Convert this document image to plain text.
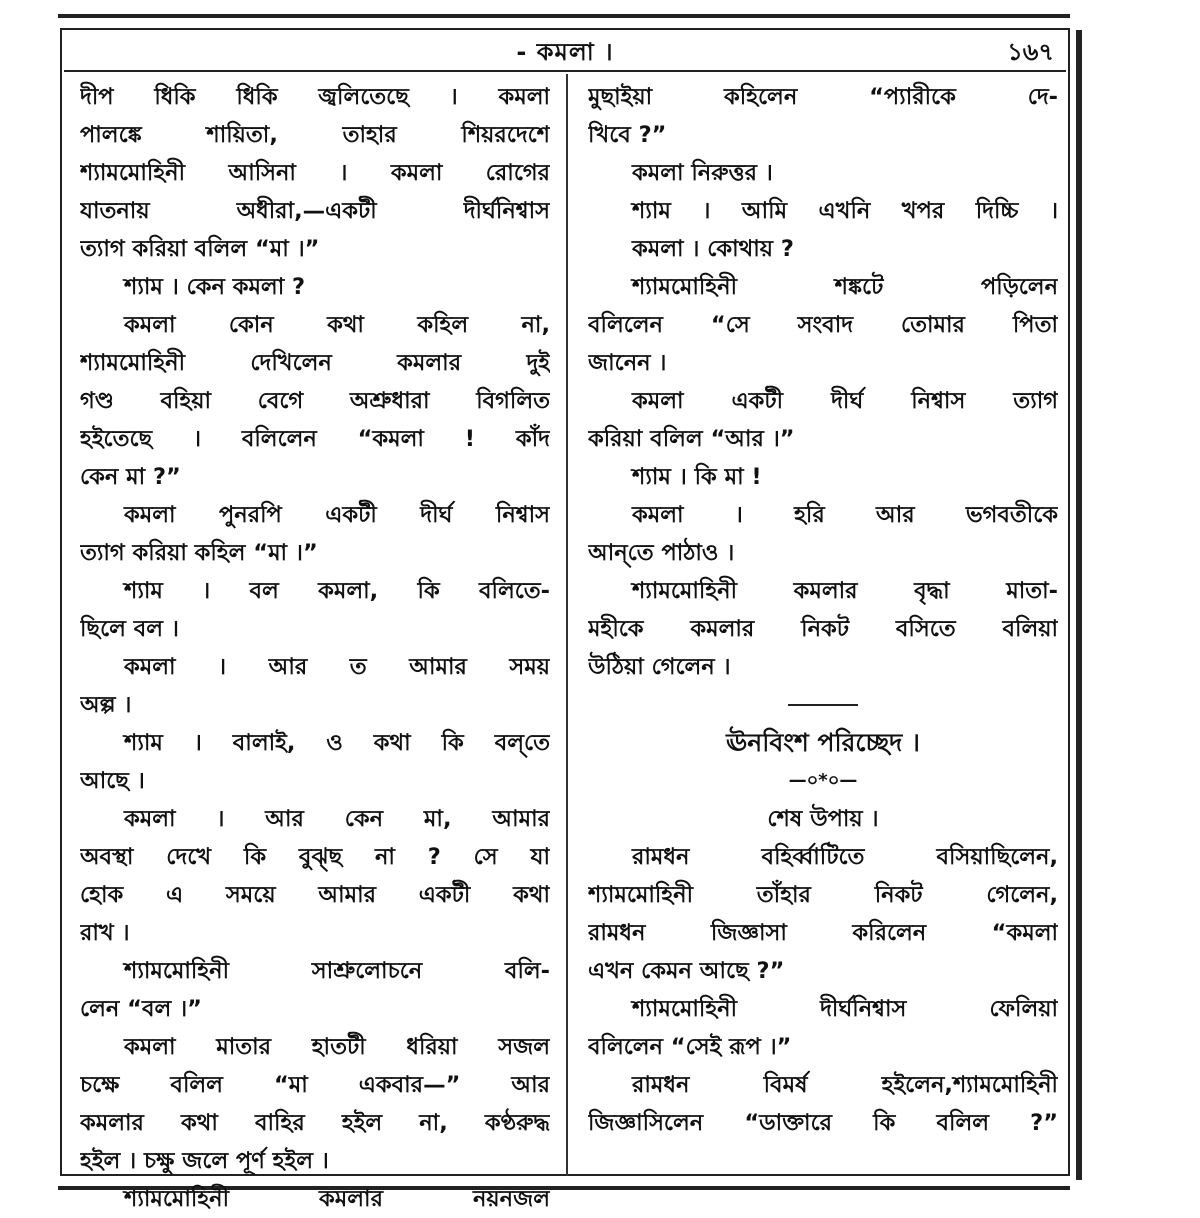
- কমলা ।	১৬৭
দীপ ধিকি ধিকি জ্বলিতেছে । কমলা
পালঙ্কে শায়িতা, তাহার শিয়রদেশে
শ্যামমোহিনী আসিনা । কমলা রোগের
যাতনায় অধীরা,—একটী দীর্ঘনিশ্বাস
ত্যাগ করিয়া বলিল “মা ।”
শ্যাম । কেন কমলা ?
কমলা কোন কথা কহিল না,
শ্যামমোহিনী দেখিলেন কমলার দুই
গণ্ড বহিয়া বেগে অশ্রুধারা বিগলিত
হইতেছে । বলিলেন “কমলা ! কাঁদ
কেন মা ?”
কমলা পুনরপি একটী দীর্ঘ নিশ্বাস
ত্যাগ করিয়া কহিল “মা ।”
শ্যাম । বল কমলা, কি বলিতে-
ছিলে বল ।
কমলা । আর ত আমার সময়
অল্প ।
শ্যাম । বালাই, ও কথা কি বল্‌তে
আছে ।
কমলা । আর কেন মা, আমার
অবস্থা দেখে কি বুঝ্‌ছ না ? সে যা
হোক এ সময়ে আমার একটী কথা
রাখ ।
শ্যামমোহিনী সাশ্রুলোচনে বলি-
লেন “বল ।”
কমলা মাতার হাতটী ধরিয়া সজল
চক্ষে বলিল “মা একবার—” আর
কমলার কথা বাহির হইল না, কণ্ঠরুদ্ধ
হইল । চক্ষু জলে পূর্ণ হইল ।
শ্যামমোহিনী কমলার নয়নজল
মুছাইয়া কহিলেন “প্যারীকে দে-
খিবে ?”
কমলা নিরুত্তর ।
শ্যাম । আমি এখনি খপর দিচ্চি ।
কমলা । কোথায় ?
শ্যামমোহিনী শঙ্কটে পড়িলেন
বলিলেন “সে সংবাদ তোমার পিতা
জানেন ।
কমলা একটী দীর্ঘ নিশ্বাস ত্যাগ
করিয়া বলিল “আর ।”
শ্যাম । কি মা !
কমলা । হরি আর ভগবতীকে
আন্‌তে পাঠাও ।
শ্যামমোহিনী কমলার বৃদ্ধা মাতা-
মহীকে কমলার নিকট বসিতে বলিয়া
উঠিয়া গেলেন ।
ঊনবিংশ পরিচ্ছেদ ।
—০*০—
শেষ উপায় ।
রামধন বহির্ব্বাটিতে বসিয়াছিলেন,
শ্যামমোহিনী তাঁহার নিকট গেলেন,
রামধন জিজ্ঞাসা করিলেন “কমলা
এখন কেমন আছে ?”
শ্যামমোহিনী দীর্ঘনিশ্বাস ফেলিয়া
বলিলেন “সেই রূপ ।”
রামধন বিমর্ষ হইলেন,শ্যামমোহিনী
জিজ্ঞাসিলেন “ডাক্তারে কি বলিল ?”
